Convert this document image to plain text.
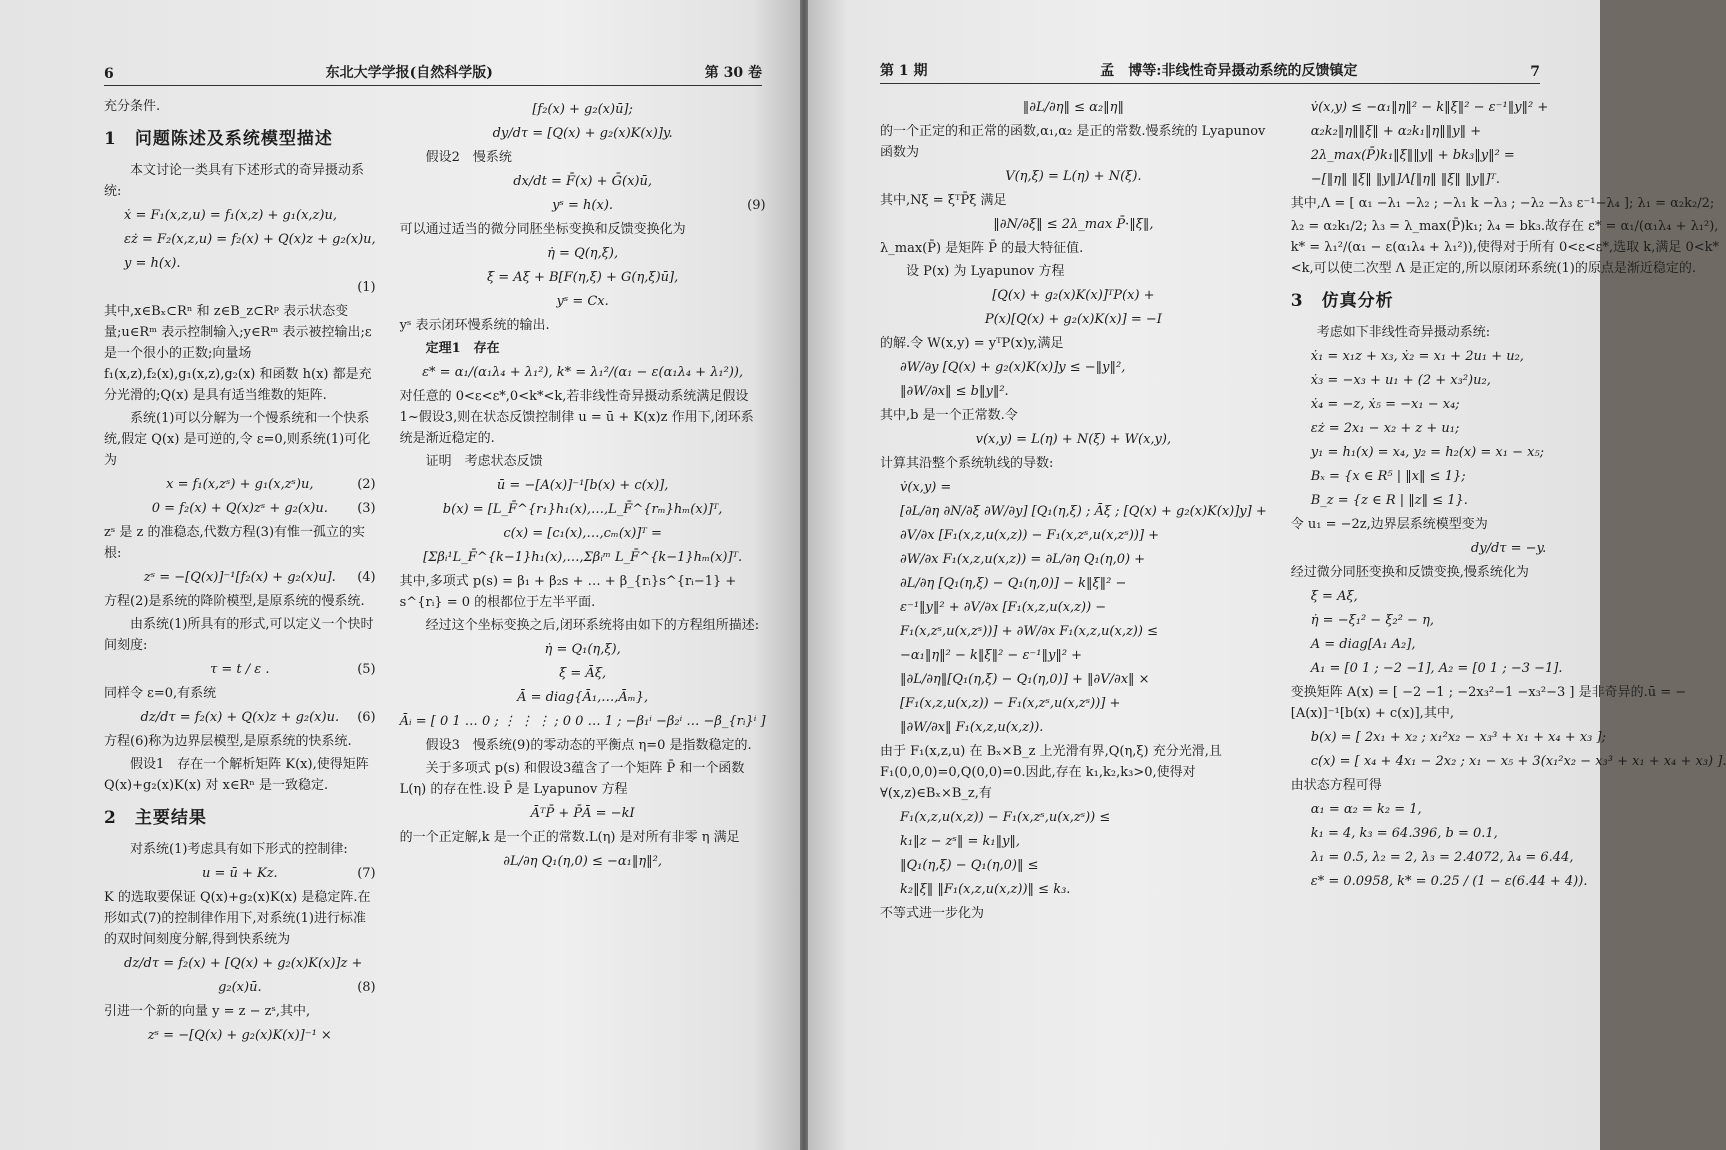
6	东北大学学报(自然科学版)	第 30 卷

充分条件.

1　问题陈述及系统模型描述

本文讨论一类具有下述形式的奇异摄动系统:

ẋ = F₁(x,z,u) = f₁(x,z) + g₁(x,z)u,
εż = F₂(x,z,u) = f₂(x) + Q(x)z + g₂(x)u,
y = h(x).
(1)

其中,x∈Bₓ⊂Rⁿ 和 z∈B_z⊂Rᵖ 表示状态变量;u∈Rᵐ 表示控制输入;y∈Rᵐ 表示被控输出;ε 是一个很小的正数;向量场 f₁(x,z),f₂(x),g₁(x,z),g₂(x) 和函数 h(x) 都是充分光滑的;Q(x) 是具有适当维数的矩阵.

系统(1)可以分解为一个慢系统和一个快系统,假定 Q(x) 是可逆的,令 ε=0,则系统(1)可化为

x = f₁(x,zˢ) + g₁(x,zˢ)u,	(2)
0 = f₂(x) + Q(x)zˢ + g₂(x)u. (3)

zˢ 是 z 的准稳态,代数方程(3)有惟一孤立的实根:

zˢ = −[Q(x)]⁻¹[f₂(x) + g₂(x)u]. (4)

方程(2)是系统的降阶模型,是原系统的慢系统.

由系统(1)所具有的形式,可以定义一个快时间刻度:

τ = t / ε .	(5)

同样令 ε=0,有系统

dz/dτ = f₂(x) + Q(x)z + g₂(x)u. (6)

方程(6)称为边界层模型,是原系统的快系统.

假设1　存在一个解析矩阵 K(x),使得矩阵 Q(x)+g₂(x)K(x) 对 x∈Rⁿ 是一致稳定.

2　主要结果

对系统(1)考虑具有如下形式的控制律:

u = ū + Kz.	(7)

K 的选取要保证 Q(x)+g₂(x)K(x) 是稳定阵.在形如式(7)的控制律作用下,对系统(1)进行标准的双时间刻度分解,得到快系统为

dz/dτ = f₂(x) + [Q(x) + g₂(x)K(x)]z +
g₂(x)ū.	(8)

引进一个新的向量 y = z − zˢ,其中,

zˢ = −[Q(x) + g₂(x)K(x)]⁻¹ ×
[f₂(x) + g₂(x)ū];
dy/dτ = [Q(x) + g₂(x)K(x)]y.

假设2　慢系统

dx/dt = F̄(x) + Ḡ(x)ū,
yˢ = h(x).	(9)

可以通过适当的微分同胚坐标变换和反馈变换化为

η̇ = Q(η,ξ),
ξ̇ = Aξ + B[F(η,ξ) + G(η,ξ)ū],
yˢ = Cx.

yˢ 表示闭环慢系统的输出.

定理1　存在

ε* = α₁/(α₁λ₄ + λ₁²), k* = λ₁²/(α₁ − ε(α₁λ₄ + λ₁²)),

对任意的 0<ε<ε*,0<k*<k,若非线性奇异摄动系统满足假设1~假设3,则在状态反馈控制律 u = ū + K(x)z 作用下,闭环系统是渐近稳定的.

证明　考虑状态反馈

ū = −[A(x)]⁻¹[b(x) + c(x)],
b(x) = [L_F̄^{r₁}h₁(x),…,L_F̄^{rₘ}hₘ(x)]ᵀ,
c(x) = [c₁(x),…,cₘ(x)]ᵀ =
[Σβᵢ¹L_F̄^{k−1}h₁(x),…,Σβᵢᵐ L_F̄^{k−1}hₘ(x)]ᵀ.

其中,多项式 p(s) = β₁ + β₂s + … + β_{rᵢ}s^{rᵢ−1} + s^{rᵢ} = 0 的根都位于左半平面.

经过这个坐标变换之后,闭环系统将由如下的方程组所描述:

η̇ = Q₁(η,ξ),
ξ̇ = Āξ,
Ā = diag{Ā₁,…,Āₘ},
Āᵢ = [ 0 1 … 0 ; ⋮ ⋮ ⋮ ; 0 0 … 1 ; −β₁ⁱ −β₂ⁱ … −β_{rᵢ}ⁱ ]

假设3　慢系统(9)的零动态的平衡点 η=0 是指数稳定的.

关于多项式 p(s) 和假设3蕴含了一个矩阵 P̄ 和一个函数 L(η) 的存在性.设 P̄ 是 Lyapunov 方程

ĀᵀP̄ + P̄Ā = −kI

的一个正定解,k 是一个正的常数.L(η) 是对所有非零 η 满足

∂L/∂η Q₁(η,0) ≤ −α₁‖η‖²,
第 1 期	孟　博等:非线性奇异摄动系统的反馈镇定	7
‖∂L/∂η‖ ≤ α₂‖η‖

的一个正定的和正常的函数,α₁,α₂ 是正的常数.慢系统的 Lyapunov 函数为

V(η,ξ) = L(η) + N(ξ).

其中,Nξ = ξᵀP̄ξ 满足

‖∂N/∂ξ‖ ≤ 2λ_max P̄·‖ξ‖,

λ_max(P̄) 是矩阵 P̄ 的最大特征值.

设 P(x) 为 Lyapunov 方程

[Q(x) + g₂(x)K(x)]ᵀP(x) +
P(x)[Q(x) + g₂(x)K(x)] = −I

的解.令 W(x,y) = yᵀP(x)y,满足

∂W/∂y [Q(x) + g₂(x)K(x)]y ≤ −‖y‖²,
‖∂W/∂x‖ ≤ b‖y‖².

其中,b 是一个正常数.令

v(x,y) = L(η) + N(ξ) + W(x,y),

计算其沿整个系统轨线的导数:

v̇(x,y) =
[∂L/∂η ∂N/∂ξ ∂W/∂y] [Q₁(η,ξ) ; Āξ ; [Q(x) + g₂(x)K(x)]y] +
∂V/∂x [F₁(x,z,u(x,z)) − F₁(x,zˢ,u(x,zˢ))] +
∂W/∂x F₁(x,z,u(x,z)) = ∂L/∂η Q₁(η,0) +
∂L/∂η [Q₁(η,ξ) − Q₁(η,0)] − k‖ξ‖² −
ε⁻¹‖y‖² + ∂V/∂x [F₁(x,z,u(x,z)) −
F₁(x,zˢ,u(x,zˢ))] + ∂W/∂x F₁(x,z,u(x,z)) ≤
−α₁‖η‖² − k‖ξ‖² − ε⁻¹‖y‖² +
‖∂L/∂η‖[Q₁(η,ξ) − Q₁(η,0)] + ‖∂V/∂x‖ ×
[F₁(x,z,u(x,z)) − F₁(x,zˢ,u(x,zˢ))] +
‖∂W/∂x‖ F₁(x,z,u(x,z)).

由于 F₁(x,z,u) 在 Bₓ×B_z 上光滑有界,Q(η,ξ) 充分光滑,且 F₁(0,0,0)=0,Q(0,0)=0.因此,存在 k₁,k₂,k₃>0,使得对 ∀(x,z)∈Bₓ×B_z,有

F₁(x,z,u(x,z)) − F₁(x,zˢ,u(x,zˢ)) ≤
k₁‖z − zˢ‖ = k₁‖y‖,
‖Q₁(η,ξ) − Q₁(η,0)‖ ≤
k₂‖ξ‖ ‖F₁(x,z,u(x,z))‖ ≤ k₃.

不等式进一步化为

v̇(x,y) ≤ −α₁‖η‖² − k‖ξ‖² − ε⁻¹‖y‖² +
α₂k₂‖η‖‖ξ‖ + α₂k₁‖η‖‖y‖ +
2λ_max(P̄)k₁‖ξ‖‖y‖ + bk₃‖y‖² =
−[‖η‖ ‖ξ‖ ‖y‖]Λ[‖η‖ ‖ξ‖ ‖y‖]ᵀ.

其中,Λ = [ α₁ −λ₁ −λ₂ ; −λ₁ k −λ₃ ; −λ₂ −λ₃ ε⁻¹−λ₄ ]; λ₁ = α₂k₂/2;

λ₂ = α₂k₁/2; λ₃ = λ_max(P̄)k₁; λ₄ = bk₃.故存在 ε* = α₁/(α₁λ₄ + λ₁²), k* = λ₁²/(α₁ − ε(α₁λ₄ + λ₁²)),使得对于所有 0<ε<ε*,选取 k,满足 0<k*<k,可以使二次型 Λ 是正定的,所以原闭环系统(1)的原点是渐近稳定的.

3　仿真分析

考虑如下非线性奇异摄动系统:

ẋ₁ = x₁z + x₃, ẋ₂ = x₁ + 2u₁ + u₂,
ẋ₃ = −x₃ + u₁ + (2 + x₃²)u₂,
ẋ₄ = −z, ẋ₅ = −x₁ − x₄;
εż = 2x₁ − x₂ + z + u₁;
y₁ = h₁(x) = x₄, y₂ = h₂(x) = x₁ − x₅;
Bₓ = {x ∈ R⁵ | ‖x‖ ≤ 1};
B_z = {z ∈ R | ‖z‖ ≤ 1}.

令 u₁ = −2z,边界层系统模型变为

dy/dτ = −y.

经过微分同胚变换和反馈变换,慢系统化为

ξ̇ = Aξ,
η̇ = −ξ₁² − ξ₂² − η,
A = diag[A₁ A₂],
A₁ = [0 1 ; −2 −1], A₂ = [0 1 ; −3 −1].

变换矩阵 A(x) = [ −2 −1 ; −2x₃²−1 −x₃²−3 ] 是非奇异的.ū = −[A(x)]⁻¹[b(x) + c(x)],其中,

b(x) = [ 2x₁ + x₂ ; x₁²x₂ − x₃³ + x₁ + x₄ + x₃ ];
c(x) = [ x₄ + 4x₁ − 2x₂ ; x₁ − x₅ + 3(x₁²x₂ − x₃³ + x₁ + x₄ + x₃) ].

由状态方程可得

α₁ = α₂ = k₂ = 1,
k₁ = 4, k₃ = 64.396, b = 0.1,
λ₁ = 0.5, λ₂ = 2, λ₃ = 2.4072, λ₄ = 6.44,
ε* = 0.0958, k* = 0.25 / (1 − ε(6.44 + 4)).
